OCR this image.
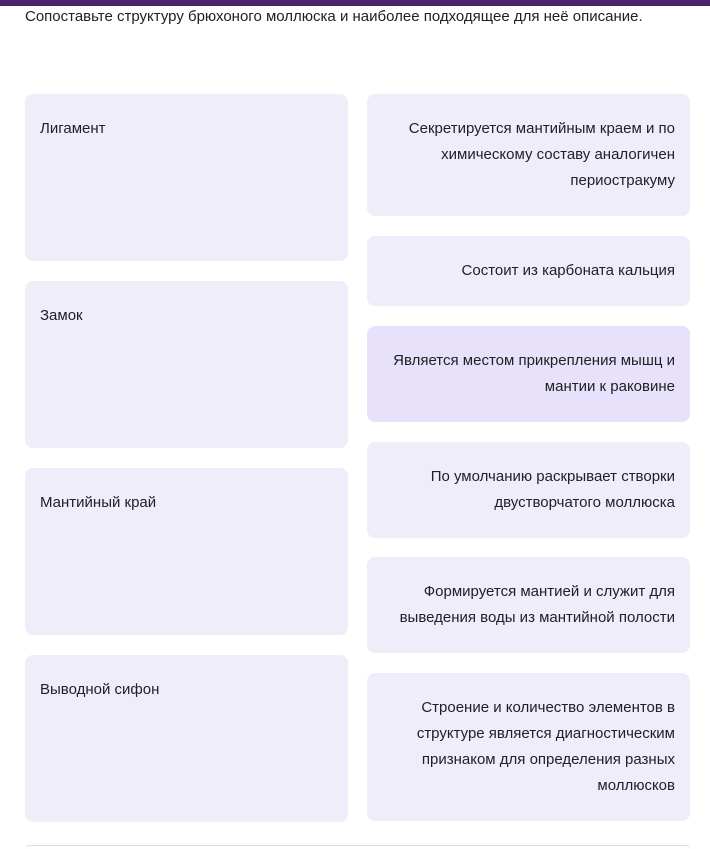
Сопоставьте структуру брюхоного моллюска и наиболее подходящее для неё описание.
Лигамент
Замок
Мантийный край
Выводной сифон
Секретируется мантийным краем и по химическому составу аналогичен периостракуму
Состоит из карбоната кальция
Является местом прикрепления мышц и мантии к раковине
По умолчанию раскрывает створки двустворчатого моллюска
Формируется мантией и служит для выведения воды из мантийной полости
Строение и количество элементов в структуре является диагностическим признаком для определения разных моллюсков
